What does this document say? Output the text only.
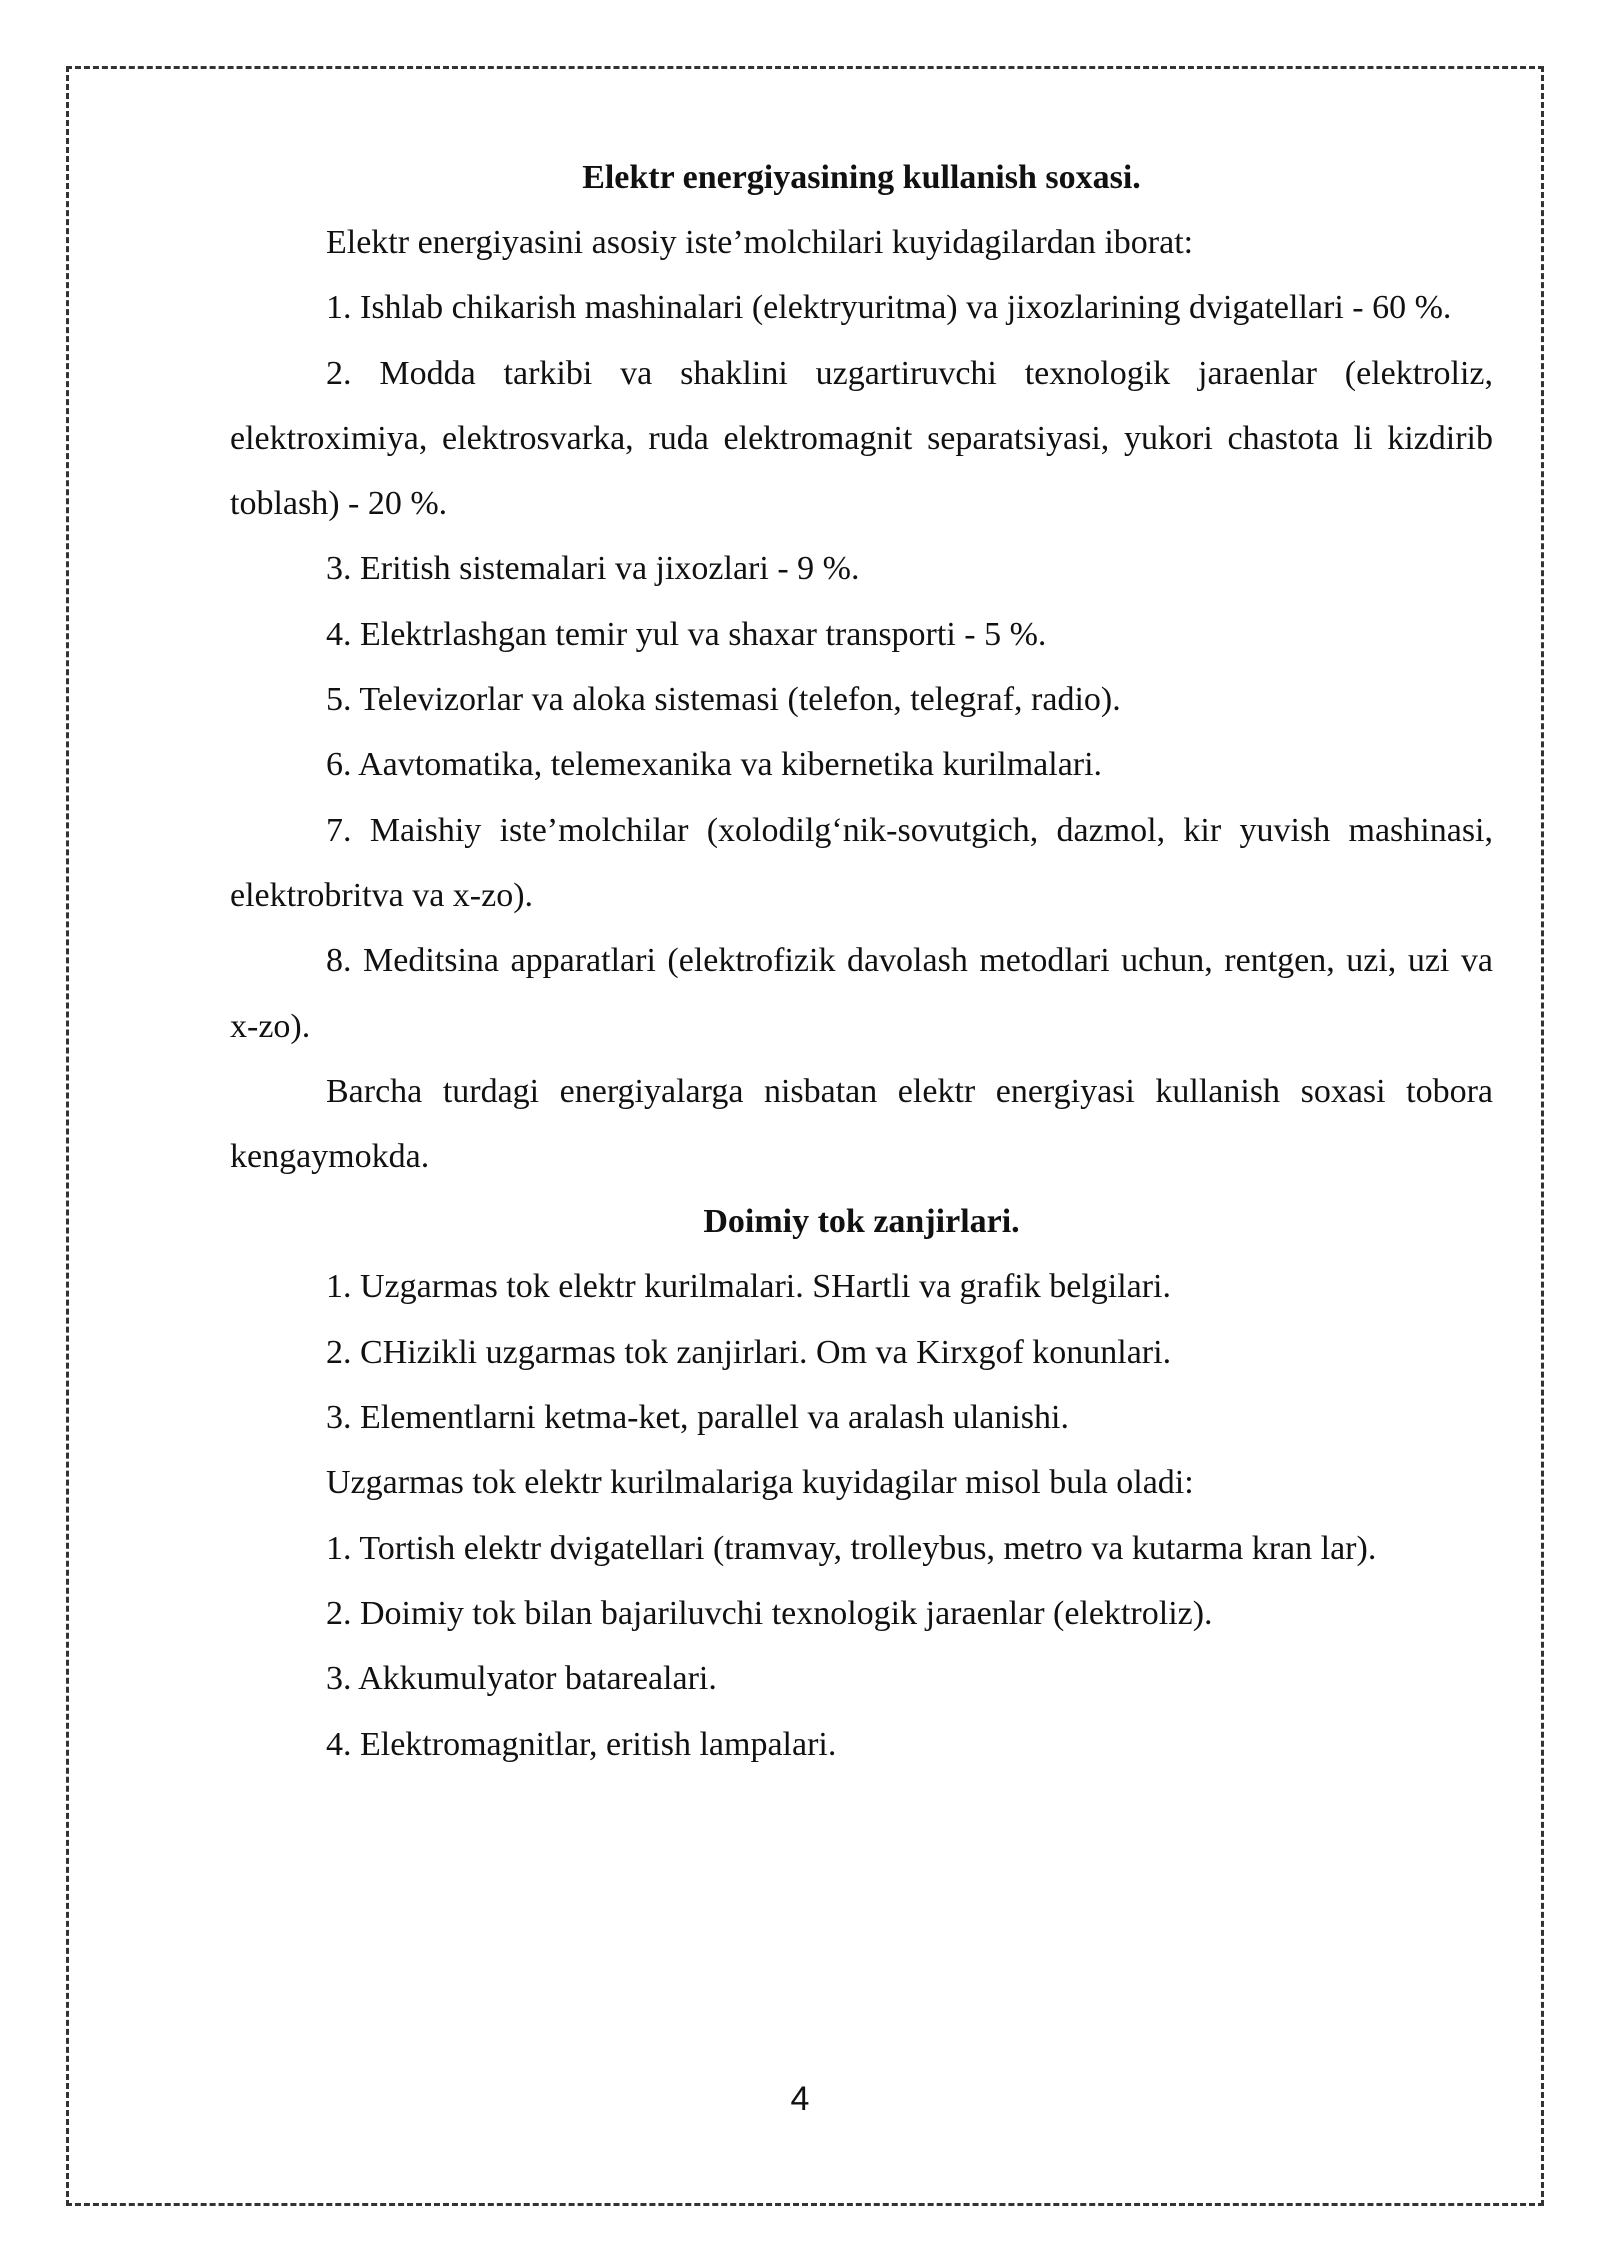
Elektr energiyasining kullanish soxasi.

Elektr energiyasini asosiy iste’molchilari kuyidagilardan iborat:

1. Ishlab chikarish mashinalari (elektryuritma) va jixozlarining dvigatellari - 60 %.

2. Modda tarkibi va shaklini uzgartiruvchi texnologik jaraenlar (elektroliz, elektroximiya, elektrosvarka, ruda elektromagnit separatsiyasi, yukori chastota li kizdirib toblash) - 20 %.

3. Eritish sistemalari va jixozlari - 9 %.

4. Elektrlashgan temir yul va shaxar transporti - 5 %.

5. Televizorlar va aloka sistemasi (telefon, telegraf, radio).

6. Aavtomatika, telemexanika va kibernetika kurilmalari.

7. Maishiy iste’molchilar (xolodilg‘nik-sovutgich, dazmol, kir yuvish mashinasi, elektrobritva va x-zo).

8. Meditsina apparatlari (elektrofizik davolash metodlari uchun, rentgen, uzi, uzi va x-zo).

Barcha turdagi energiyalarga nisbatan elektr energiyasi kullanish soxasi tobora kengaymokda.

Doimiy tok zanjirlari.

1. Uzgarmas tok elektr kurilmalari. SHartli va grafik belgilari.

2. CHizikli uzgarmas tok zanjirlari. Om va Kirxgof konunlari.

3. Elementlarni ketma-ket, parallel va aralash ulanishi.

Uzgarmas tok elektr kurilmalariga kuyidagilar misol bula oladi:

1. Tortish elektr dvigatellari (tramvay, trolleybus, metro va kutarma kran lar).

2. Doimiy tok bilan bajariluvchi texnologik jaraenlar (elektroliz).

3. Akkumulyator batarealari.

4. Elektromagnitlar, eritish lampalari.

4
